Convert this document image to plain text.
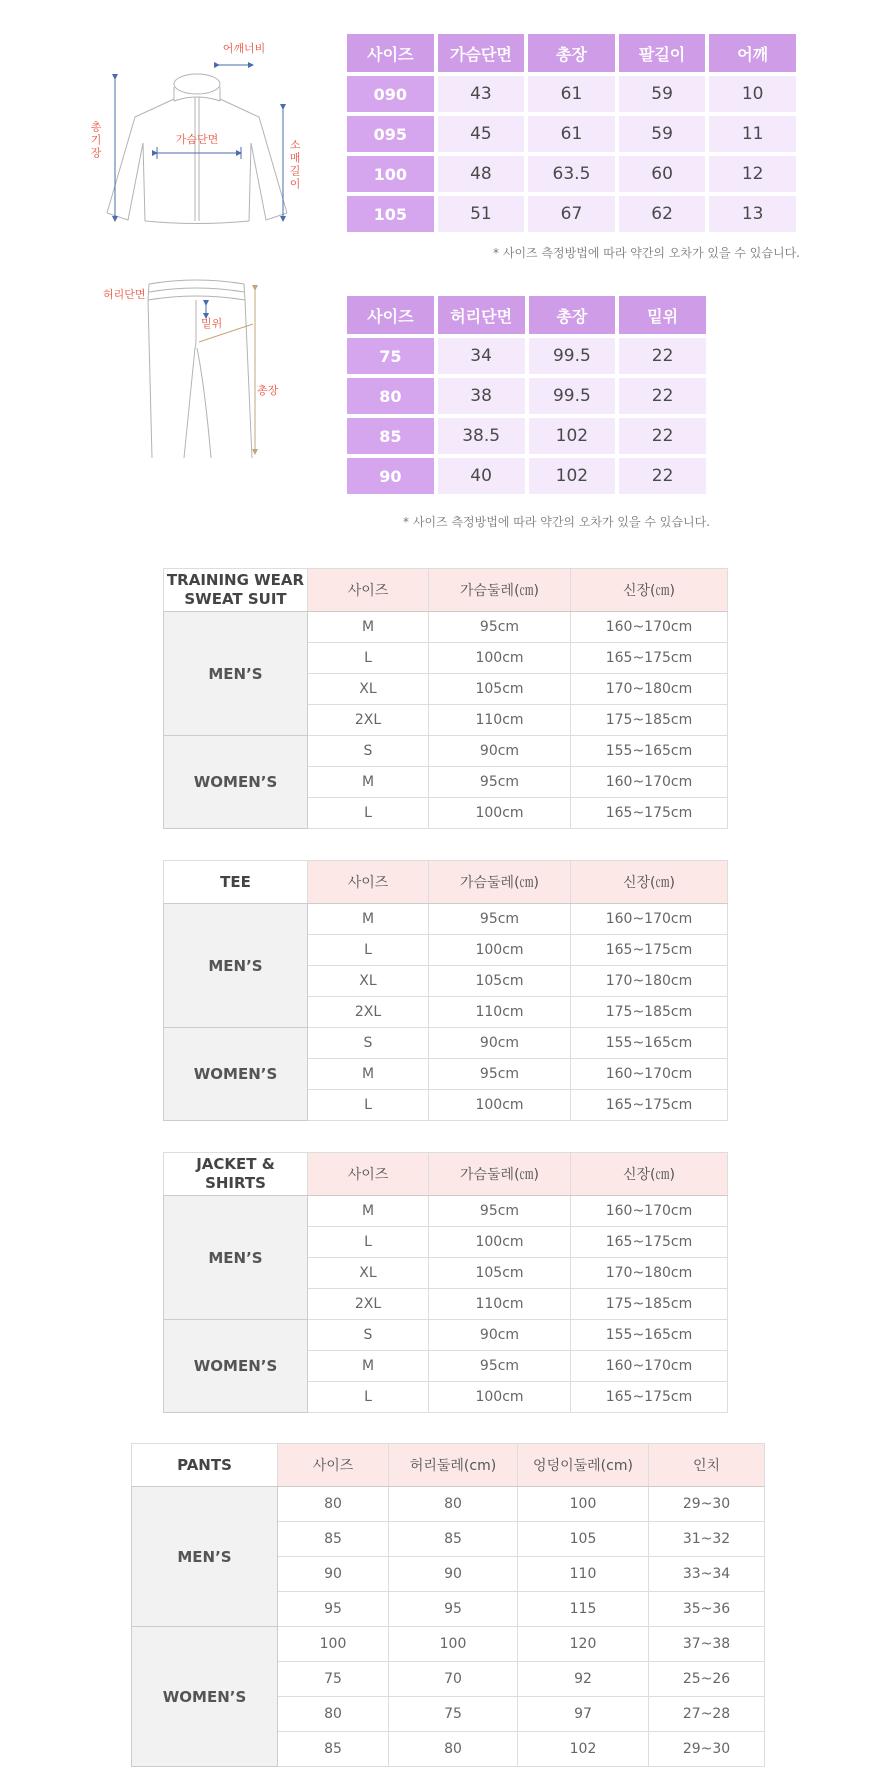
어깨너비
총기장	가슴단면	소매길이
사이즈	가슴단면	총장	팔길이	어깨
090	43	61	59	10
095	45	61	59	11
100	48	63.5	60	12
105	51	67	62	13
* 사이즈 측정방법에 따라 약간의 오차가 있을 수 있습니다.
허리단면
밑위
총장
사이즈	허리단면	총장	밑위
75	34	99.5	22
80	38	99.5	22
85	38.5	102	22
90	40	102	22
* 사이즈 측정방법에 따라 약간의 오차가 있을 수 있습니다.
TRAINING WEAR
SWEAT SUIT	사이즈	가슴둘레(㎝)	신장(㎝)
MEN’S	M	95cm	160~170cm
	L	100cm	165~175cm
	XL	105cm	170~180cm
	2XL	110cm	175~185cm
WOMEN’S	S	90cm	155~165cm
	M	95cm	160~170cm
	L	100cm	165~175cm
TEE	사이즈	가슴둘레(㎝)	신장(㎝)
MEN’S	M	95cm	160~170cm
	L	100cm	165~175cm
	XL	105cm	170~180cm
	2XL	110cm	175~185cm
WOMEN’S	S	90cm	155~165cm
	M	95cm	160~170cm
	L	100cm	165~175cm
JACKET & SHIRTS	사이즈	가슴둘레(㎝)	신장(㎝)
MEN’S	M	95cm	160~170cm
	L	100cm	165~175cm
	XL	105cm	170~180cm
	2XL	110cm	175~185cm
WOMEN’S	S	90cm	155~165cm
	M	95cm	160~170cm
	L	100cm	165~175cm
PANTS	사이즈	허리둘레(cm)	엉덩이둘레(cm)	인치
MEN’S	80	80	100	29~30
	85	85	105	31~32
	90	90	110	33~34
	95	95	115	35~36
WOMEN’S	100	100	120	37~38
	75	70	92	25~26
	80	75	97	27~28
	85	80	102	29~30
